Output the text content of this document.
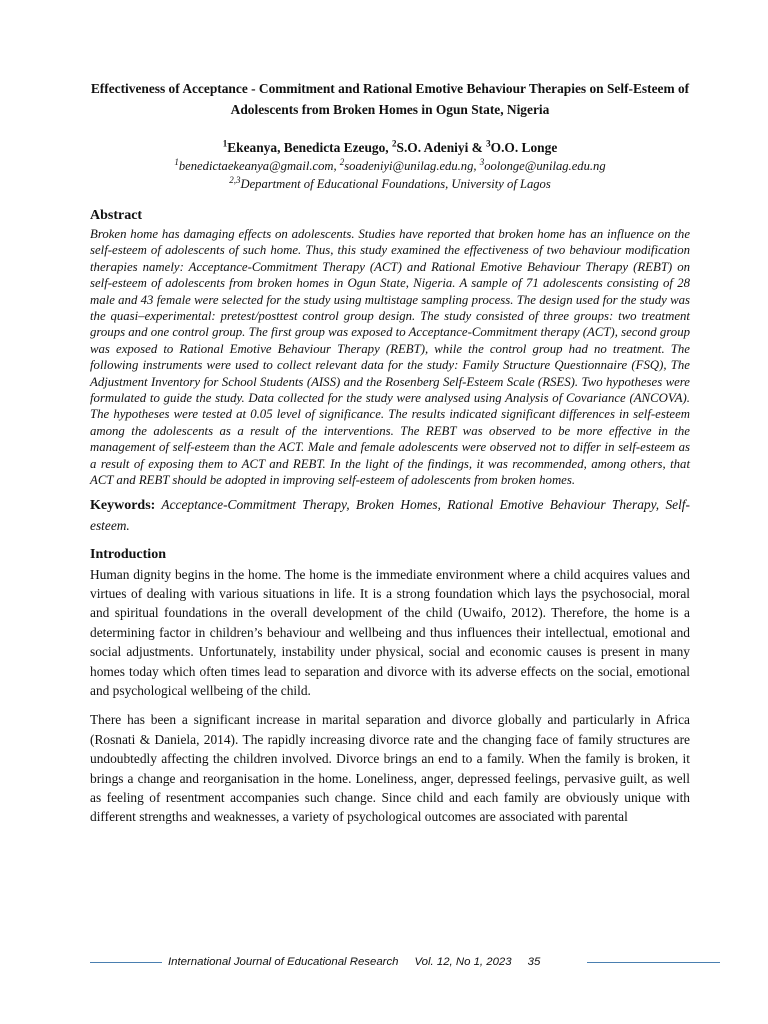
Effectiveness of Acceptance - Commitment and Rational Emotive Behaviour Therapies on Self-Esteem of Adolescents from Broken Homes in Ogun State, Nigeria

$^1$Ekeanya, Benedicta Ezeugo, $^2$S.O. Adeniyi & $^3$O.O. Longe
$^1$benedictaekeanya@gmail.com, $^2$soadeniyi@unilag.edu.ng, $^3$oolonge@unilag.edu.ng
$^{2,3}$Department of Educational Foundations, University of Lagos
Abstract

Broken home has damaging effects on adolescents. Studies have reported that broken home has an influence on the self-esteem of adolescents of such home. Thus, this study examined the effectiveness of two behaviour modification therapies namely: Acceptance-Commitment Therapy (ACT) and Rational Emotive Behaviour Therapy (REBT) on self-esteem of adolescents from broken homes in Ogun State, Nigeria. A sample of 71 adolescents consisting of 28 male and 43 female were selected for the study using multistage sampling process. The design used for the study was the quasi–experimental: pretest/posttest control group design. The study consisted of three groups: two treatment groups and one control group. The first group was exposed to Acceptance-Commitment therapy (ACT), second group was exposed to Rational Emotive Behaviour Therapy (REBT), while the control group had no treatment. The following instruments were used to collect relevant data for the study: Family Structure Questionnaire (FSQ), The Adjustment Inventory for School Students (AISS) and the Rosenberg Self-Esteem Scale (RSES). Two hypotheses were formulated to guide the study. Data collected for the study were analysed using Analysis of Covariance (ANCOVA). The hypotheses were tested at 0.05 level of significance. The results indicated significant differences in self-esteem among the adolescents as a result of the interventions. The REBT was observed to be more effective in the management of self-esteem than the ACT. Male and female adolescents were observed not to differ in self-esteem as a result of exposing them to ACT and REBT. In the light of the findings, it was recommended, among others, that ACT and REBT should be adopted in improving self-esteem of adolescents from broken homes.

Keywords: Acceptance-Commitment Therapy, Broken Homes, Rational Emotive Behaviour Therapy, Self-esteem.
Introduction

Human dignity begins in the home. The home is the immediate environment where a child acquires values and virtues of dealing with various situations in life. It is a strong foundation which lays the psychosocial, moral and spiritual foundations in the overall development of the child (Uwaifo, 2012). Therefore, the home is a determining factor in children’s behaviour and wellbeing and thus influences their intellectual, emotional and social adjustments. Unfortunately, instability under physical, social and economic causes is present in many homes today which often times lead to separation and divorce with its adverse effects on the social, emotional and psychological wellbeing of the child.

There has been a significant increase in marital separation and divorce globally and particularly in Africa (Rosnati & Daniela, 2014). The rapidly increasing divorce rate and the changing face of family structures are undoubtedly affecting the children involved. Divorce brings an end to a family. When the family is broken, it brings a change and reorganisation in the home. Loneliness, anger, depressed feelings, pervasive guilt, as well as feeling of resentment accompanies such change. Since child and each family are obviously unique with different strengths and weaknesses, a variety of psychological outcomes are associated with parental

International Journal of Educational Research Vol. 12, No 1, 2023 35
